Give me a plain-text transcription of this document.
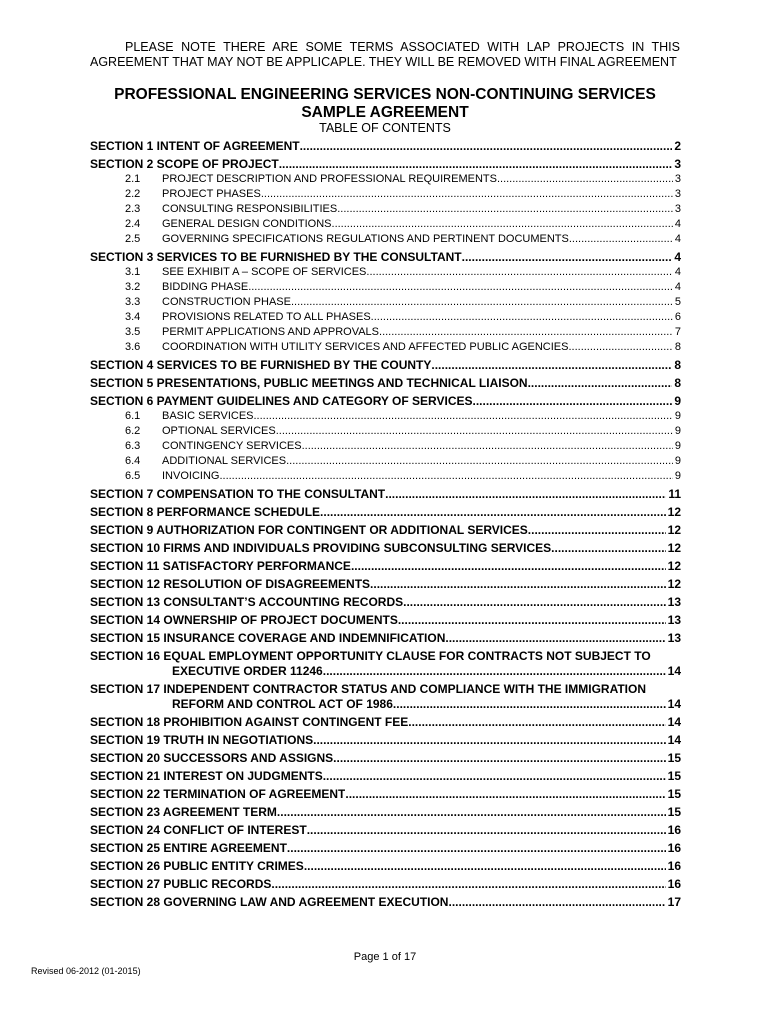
PLEASE NOTE THERE ARE SOME TERMS ASSOCIATED WITH LAP PROJECTS IN THIS AGREEMENT THAT MAY NOT BE APPLICAPLE. THEY WILL BE REMOVED WITH FINAL AGREEMENT
PROFESSIONAL ENGINEERING SERVICES NON-CONTINUING SERVICES
SAMPLE AGREEMENT
TABLE OF CONTENTS
SECTION 1 INTENT OF AGREEMENT .....	2
SECTION 2 SCOPE OF PROJECT .....	3
2.1	PROJECT DESCRIPTION AND PROFESSIONAL REQUIREMENTS .....	3
2.2	PROJECT PHASES .....	3
2.3	CONSULTING RESPONSIBILITIES .....	3
2.4	GENERAL DESIGN CONDITIONS .....	4
2.5	GOVERNING SPECIFICATIONS REGULATIONS AND PERTINENT DOCUMENTS .....	4
SECTION 3 SERVICES TO BE FURNISHED BY THE CONSULTANT .....	4
3.1	SEE EXHIBIT A – SCOPE OF SERVICES .....	4
3.2	BIDDING PHASE .....	4
3.3	CONSTRUCTION PHASE .....	5
3.4	PROVISIONS RELATED TO ALL PHASES .....	6
3.5	PERMIT APPLICATIONS AND APPROVALS .....	7
3.6	COORDINATION WITH UTILITY SERVICES AND AFFECTED PUBLIC AGENCIES .....	8
SECTION 4 SERVICES TO BE FURNISHED BY THE COUNTY .....	8
SECTION 5 PRESENTATIONS, PUBLIC MEETINGS AND TECHNICAL LIAISON .....	8
SECTION 6 PAYMENT GUIDELINES AND CATEGORY OF SERVICES .....	9
6.1	BASIC SERVICES .....	9
6.2	OPTIONAL SERVICES .....	9
6.3	CONTINGENCY SERVICES .....	9
6.4	ADDITIONAL SERVICES .....	9
6.5	INVOICING .....	9
SECTION 7 COMPENSATION TO THE CONSULTANT .....	11
SECTION 8 PERFORMANCE SCHEDULE .....	12
SECTION 9 AUTHORIZATION FOR CONTINGENT OR ADDITIONAL SERVICES .....	12
SECTION 10 FIRMS AND INDIVIDUALS PROVIDING SUBCONSULTING SERVICES .....	12
SECTION 11 SATISFACTORY PERFORMANCE .....	12
SECTION 12 RESOLUTION OF DISAGREEMENTS .....	12
SECTION 13 CONSULTANT’S ACCOUNTING RECORDS .....	13
SECTION 14 OWNERSHIP OF PROJECT DOCUMENTS .....	13
SECTION 15 INSURANCE COVERAGE AND INDEMNIFICATION .....	13
SECTION 16 EQUAL EMPLOYMENT OPPORTUNITY CLAUSE FOR CONTRACTS NOT SUBJECT TO
EXECUTIVE ORDER 11246 .....	14
SECTION 17 INDEPENDENT CONTRACTOR STATUS AND COMPLIANCE WITH THE IMMIGRATION
REFORM AND CONTROL ACT OF 1986 .....	14
SECTION 18 PROHIBITION AGAINST CONTINGENT FEE .....	14
SECTION 19 TRUTH IN NEGOTIATIONS .....	14
SECTION 20 SUCCESSORS AND ASSIGNS .....	15
SECTION 21 INTEREST ON JUDGMENTS .....	15
SECTION 22 TERMINATION OF AGREEMENT .....	15
SECTION 23 AGREEMENT TERM .....	15
SECTION 24 CONFLICT OF INTEREST .....	16
SECTION 25 ENTIRE AGREEMENT .....	16
SECTION 26 PUBLIC ENTITY CRIMES .....	16
SECTION 27 PUBLIC RECORDS .....	16
SECTION 28 GOVERNING LAW AND AGREEMENT EXECUTION .....	17
Page 1 of 17
Revised 06-2012 (01-2015)
